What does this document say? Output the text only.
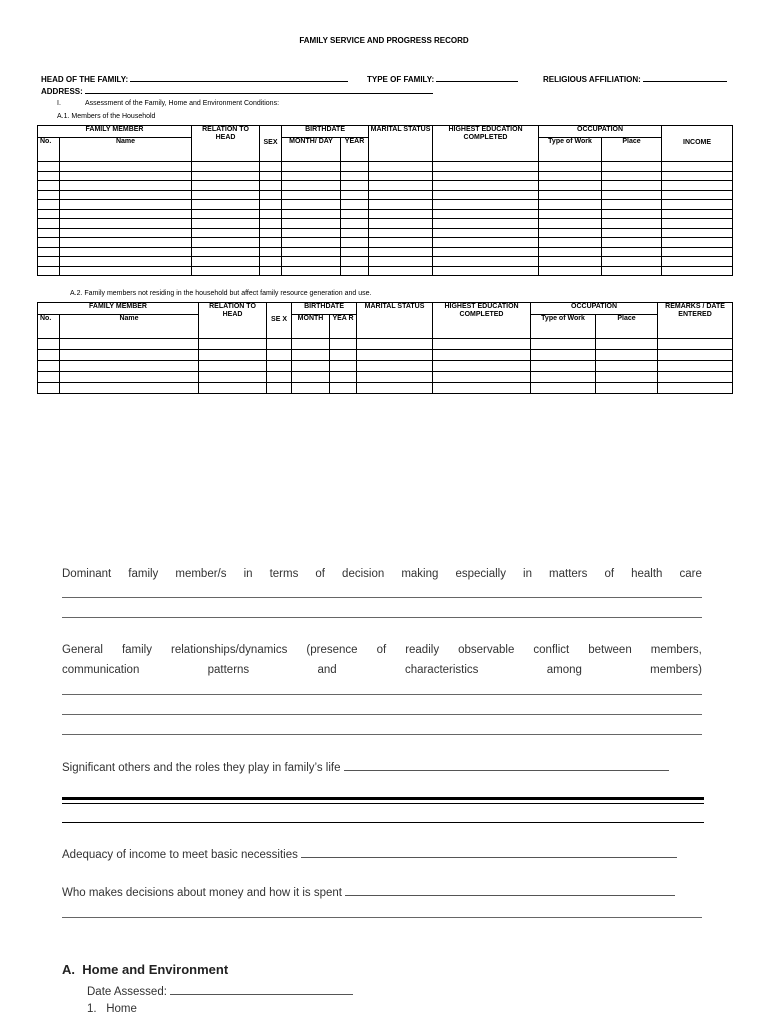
FAMILY SERVICE AND PROGRESS RECORD
HEAD OF THE FAMILY:	TYPE OF FAMILY:	RELIGIOUS AFFILIATION:
ADDRESS:
I.	Assessment of the Family, Home and Environment Conditions:
A.1. Members of the Household
FAMILY MEMBER		RELATION TO HEAD	SEX	BIRTHDATE		MARITAL STATUS	HIGHEST EDUCATION COMPLETED	OCCUPATION		INCOME
No.	Name			MONTH/ DAY	YEAR			Type of Work	Place	

A.2. Family members not residing in the household but affect family resource generation and use.
FAMILY MEMBER		RELATION TO HEAD	SE X	BIRTHDATE		MARITAL STATUS	HIGHEST EDUCATION COMPLETED	OCCUPATION		REMARKS / DATE ENTERED
No.	Name			MONTH	YEA R			Type of Work	Place	

Dominant family member/s in terms of decision making especially in matters of health care
General family relationships/dynamics (presence of readily observable conflict between members,
communication	patterns	and	characteristics	among	members)
Significant others and the roles they play in family’s life
Adequacy of income to meet basic necessities
Who makes decisions about money and how it is spent
A. Home and Environment
Date Assessed:
1. Home
